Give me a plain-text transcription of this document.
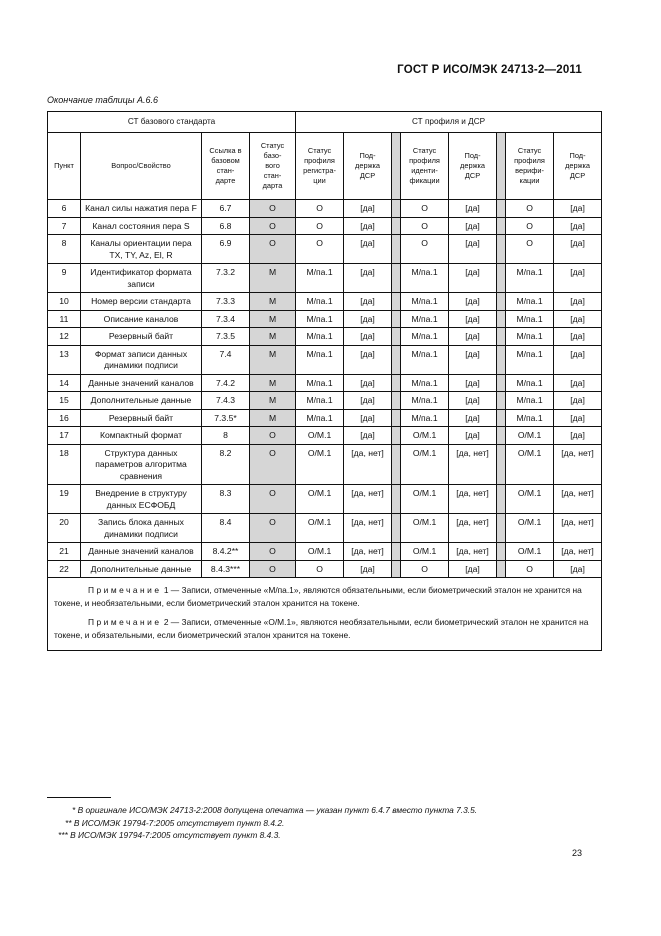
ГОСТ Р ИСО/МЭК 24713-2—2011
Окончание таблицы А.6.6
СТ базового стандарта				СТ профиля и ДСР							
Пункт	Вопрос/Свойство	Ссылка в
базовом
стан-
дарте	Статус
базо-
вого
стан-
дарта	Статус
профиля
регистра-
ции	Под-
держка
ДСР		Статус
профиля
иденти-
фикации	Под-
держка
ДСР		Статус
профиля
верифи-
кации	Под-
держка
ДСР
6	Канал силы нажатия пера F	6.7	O	O	[да]		O	[да]		O	[да]
7	Канал состояния пера S	6.8	O	O	[да]		O	[да]		O	[да]
8	Каналы ориентации пера TX, TY, Az, El, R	6.9	O	O	[да]		O	[да]		O	[да]
9	Идентификатор формата записи	7.3.2	M	M/па.1	[да]		M/па.1	[да]		M/па.1	[да]
10	Номер версии стандарта	7.3.3	M	M/па.1	[да]		M/па.1	[да]		M/па.1	[да]
11	Описание каналов	7.3.4	M	M/па.1	[да]		M/па.1	[да]		M/па.1	[да]
12	Резервный байт	7.3.5	M	M/па.1	[да]		M/па.1	[да]		M/па.1	[да]
13	Формат записи данных динамики подписи	7.4	M	M/па.1	[да]		M/па.1	[да]		M/па.1	[да]
14	Данные значений каналов	7.4.2	M	M/па.1	[да]		M/па.1	[да]		M/па.1	[да]
15	Дополнительные данные	7.4.3	M	M/па.1	[да]		M/па.1	[да]		M/па.1	[да]
16	Резервный байт	7.3.5*	M	M/па.1	[да]		M/па.1	[да]		M/па.1	[да]
17	Компактный формат	8	O	O/M.1	[да]		O/M.1	[да]		O/M.1	[да]
18	Структура данных параметров алгоритма сравнения	8.2	O	O/M.1	[да, нет]		O/M.1	[да, нет]		O/M.1	[да, нет]
19	Внедрение в структуру данных ЕСФОБД	8.3	O	O/M.1	[да, нет]		O/M.1	[да, нет]		O/M.1	[да, нет]
20	Запись блока данных динамики подписи	8.4	O	O/M.1	[да, нет]		O/M.1	[да, нет]		O/M.1	[да, нет]
21	Данные значений каналов	8.4.2**	O	O/M.1	[да, нет]		O/M.1	[да, нет]		O/M.1	[да, нет]
22	Дополнительные данные	8.4.3***	O	O	[да]		O	[да]		O	[да]

Примечание 1 — Записи, отмеченные «M/па.1», являются обязательными, если биометрический эталон не хранится на токене, и необязательными, если биометрический эталон хранится на токене.

Примечание 2 — Записи, отмеченные «O/M.1», являются необязательными, если биометрический эталон не хранится на токене, и обязательными, если биометрический эталон хранится на токене.											

* В оригинале ИСО/МЭК 24713-2:2008 допущена опечатка — указан пункт 6.4.7 вместо пункта 7.3.5.
** В ИСО/МЭК 19794-7:2005 отсутствует пункт 8.4.2.
*** В ИСО/МЭК 19794-7:2005 отсутствует пункт 8.4.3.
23
